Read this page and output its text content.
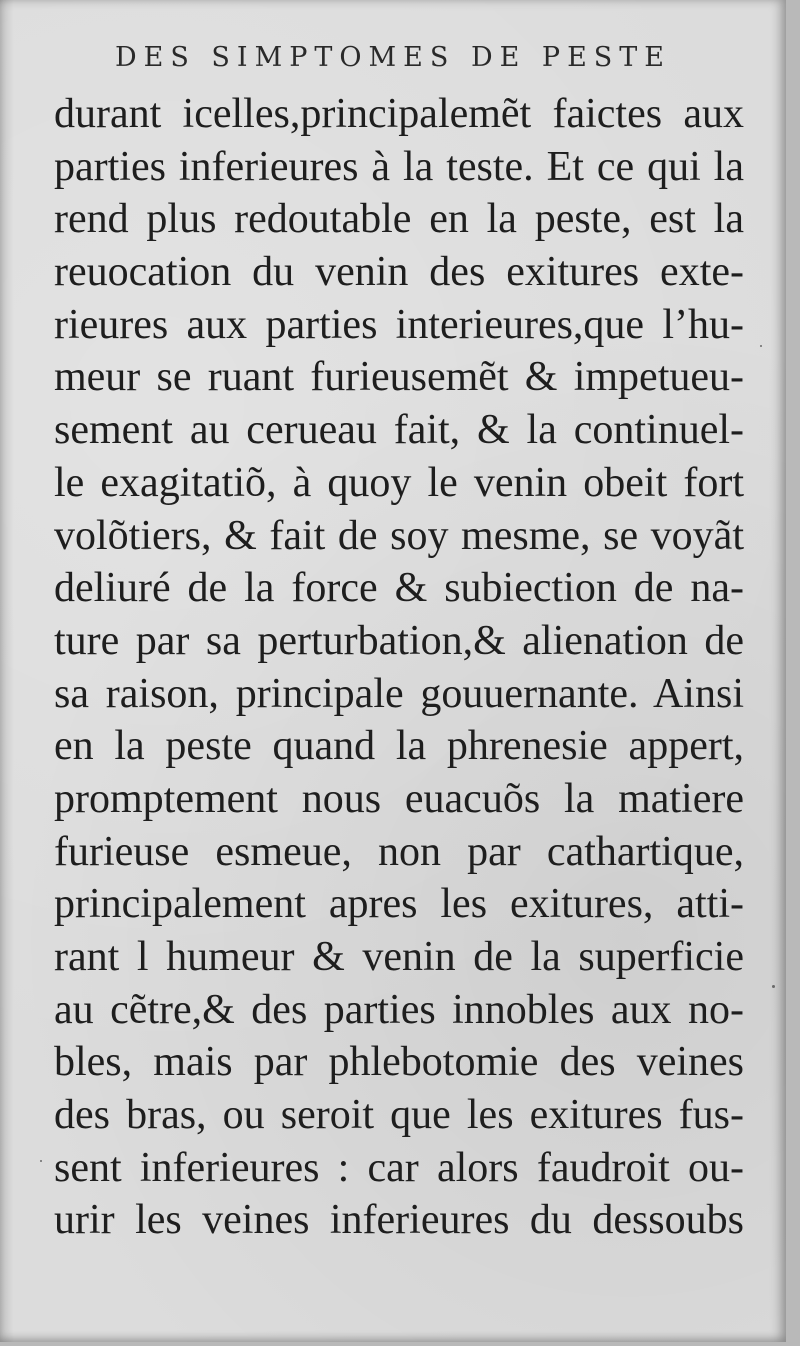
DES SIMPTOMES DE PESTE
durant icelles,principalemẽt faictes aux
parties inferieures à la teste. Et ce qui la
rend plus redoutable en la peste, est la
reuocation du venin des exitures exte-
rieures aux parties interieures,que l’hu-
meur se ruant furieusemẽt & impetueu-
sement au cerueau fait, & la continuel-
le exagitatiõ, à quoy le venin obeit fort
volõtiers, & fait de soy mesme, se voyãt
deliuré de la force & subiection de na-
ture par sa perturbation,& alienation de
sa raison, principale gouuernante. Ainsi
en la peste quand la phrenesie appert,
promptement nous euacuõs la matiere
furieuse esmeue, non par cathartique,
principalement apres les exitures, atti-
rant l humeur & venin de la superficie
au cẽtre,& des parties innobles aux no-
bles, mais par phlebotomie des veines
des bras, ou seroit que les exitures fus-
sent inferieures : car alors faudroit ou-
urir les veines inferieures du dessoubs
